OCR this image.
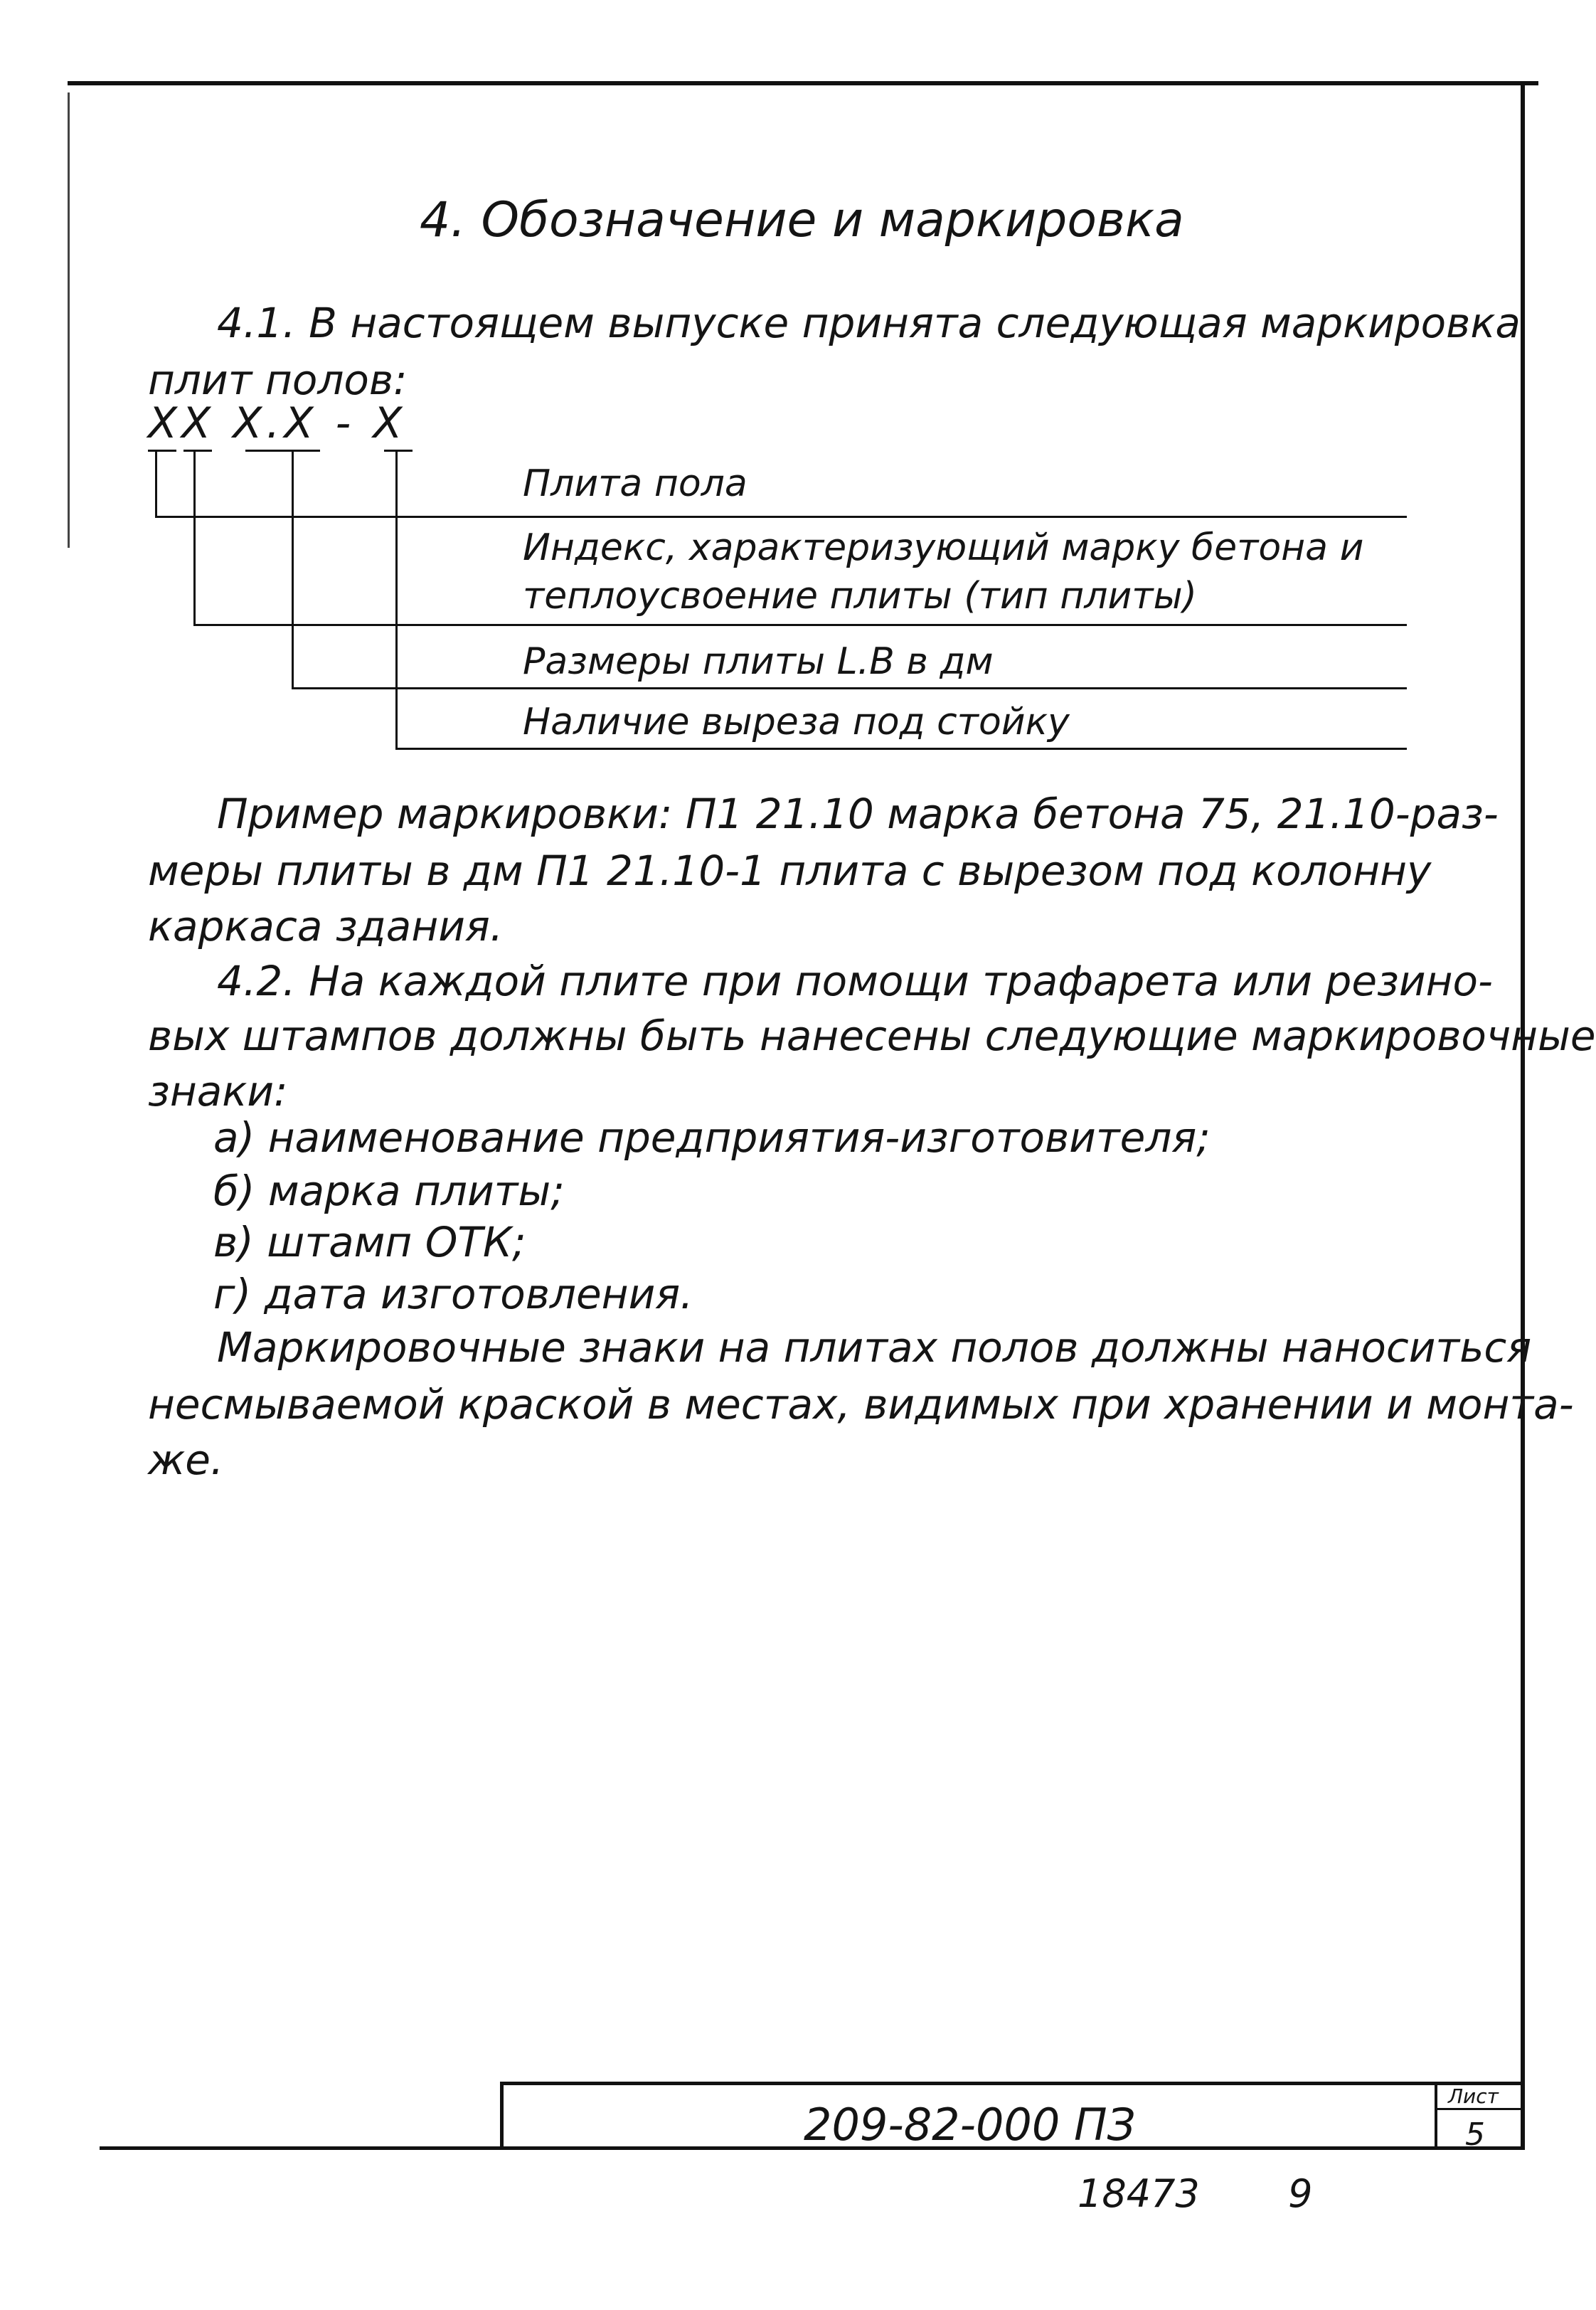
4. Обозначение и маркировка
4.1. В настоящем выпуске принята следующая маркировка
плит полов:
ХХ Х.Х - Х
Плита пола
Индекс, характеризующий марку бетона и
теплоусвоение плиты (тип плиты)
Размеры плиты L.B в дм
Наличие выреза под стойку
Пример маркировки: П1 21.10 марка бетона 75, 21.10-раз-
меры плиты в дм П1 21.10-1 плита с вырезом под колонну
каркаса здания.
4.2. На каждой плите при помощи трафарета или резино-
вых штампов должны быть нанесены следующие маркировочные
знаки:
а) наименование предприятия-изготовителя;
б) марка плиты;
в) штамп ОТК;
г) дата изготовления.
Маркировочные знаки на плитах полов должны наноситься
несмываемой краской в местах, видимых при хранении и монта-
же.
209-82-000 ПЗ
Лист
5
18473 9
